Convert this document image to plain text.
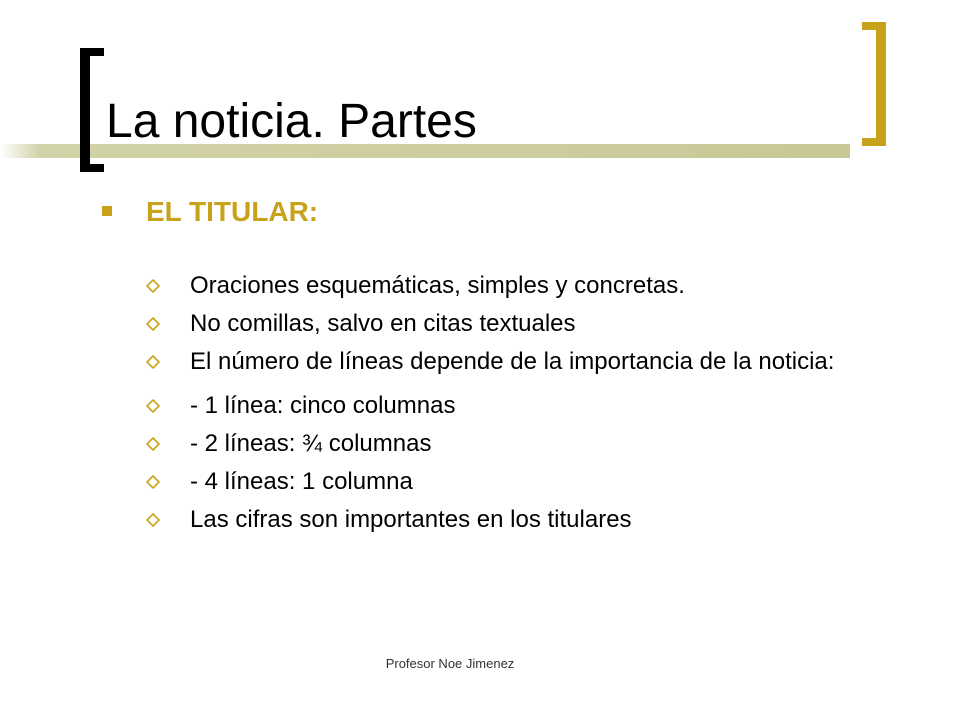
La noticia. Partes
EL TITULAR:
Oraciones esquemáticas, simples y concretas.
No comillas, salvo en citas textuales
El número de líneas depende de la importancia de la noticia:
- 1 línea: cinco columnas
- 2 líneas: ¾ columnas
- 4 líneas: 1 columna
Las cifras son importantes en los titulares
Profesor Noe Jimenez
